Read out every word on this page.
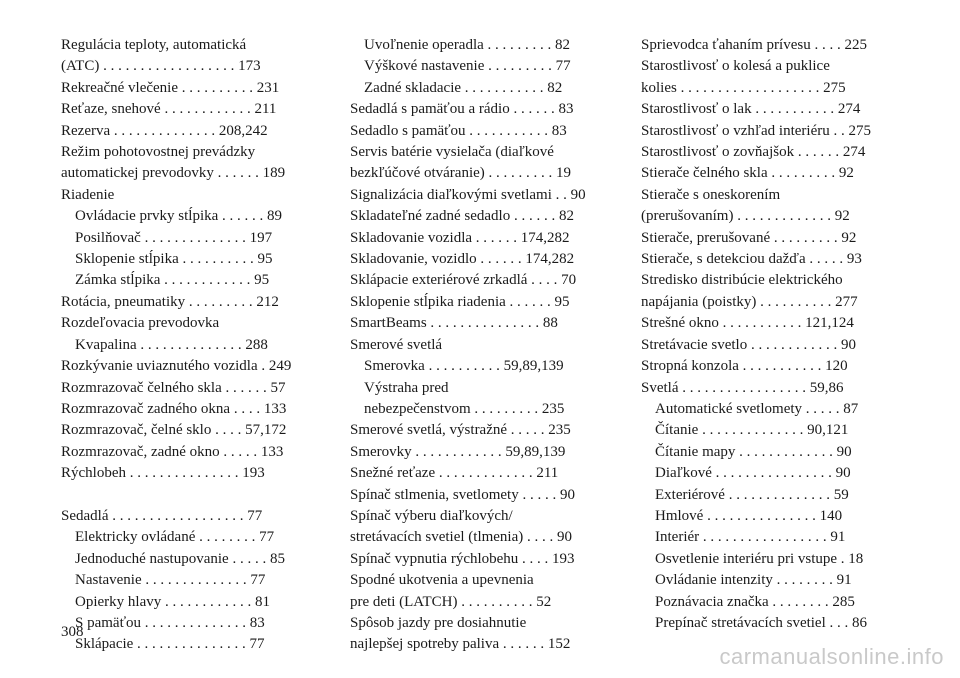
Regulácia teploty, automatická
(ATC) . . . . . . . . . . . . . . . . . . 173
Rekreačné vlečenie . . . . . . . . . . 231
Reťaze, snehové . . . . . . . . . . . . 211
Rezerva . . . . . . . . . . . . . . 208,242
Režim pohotovostnej prevádzky
automatickej prevodovky . . . . . . 189
Riadenie
Ovládacie prvky stĺpika . . . . . . 89
Posilňovač . . . . . . . . . . . . . . 197
Sklopenie stĺpika . . . . . . . . . . 95
Zámka stĺpika . . . . . . . . . . . . 95
Rotácia, pneumatiky . . . . . . . . . 212
Rozdeľovacia prevodovka
Kvapalina . . . . . . . . . . . . . . 288
Rozkývanie uviaznutého vozidla . 249
Rozmrazovač čelného skla . . . . . . 57
Rozmrazovač zadného okna . . . . 133
Rozmrazovač, čelné sklo . . . . 57,172
Rozmrazovač, zadné okno . . . . . 133
Rýchlobeh . . . . . . . . . . . . . . . 193
Sedadlá . . . . . . . . . . . . . . . . . . 77
Elektricky ovládané . . . . . . . . 77
Jednoduché nastupovanie . . . . . 85
Nastavenie . . . . . . . . . . . . . . 77
Opierky hlavy . . . . . . . . . . . . 81
S pamäťou . . . . . . . . . . . . . . 83
Sklápacie . . . . . . . . . . . . . . . 77
Uvoľnenie operadla . . . . . . . . . 82
Výškové nastavenie . . . . . . . . . 77
Zadné skladacie . . . . . . . . . . . 82
Sedadlá s pamäťou a rádio . . . . . . 83
Sedadlo s pamäťou . . . . . . . . . . . 83
Servis batérie vysielača (diaľkové
bezkľúčové otváranie) . . . . . . . . . 19
Signalizácia diaľkovými svetlami . . 90
Skladateľné zadné sedadlo . . . . . . 82
Skladovanie vozidla . . . . . . 174,282
Skladovanie, vozidlo . . . . . . 174,282
Sklápacie exteriérové zrkadlá . . . . 70
Sklopenie stĺpika riadenia . . . . . . 95
SmartBeams . . . . . . . . . . . . . . . 88
Smerové svetlá
Smerovka . . . . . . . . . . 59,89,139
Výstraha pred
nebezpečenstvom . . . . . . . . . 235
Smerové svetlá, výstražné . . . . . 235
Smerovky . . . . . . . . . . . . 59,89,139
Snežné reťaze . . . . . . . . . . . . . 211
Spínač stlmenia, svetlomety . . . . . 90
Spínač výberu diaľkových/
stretávacích svetiel (tlmenia) . . . . 90
Spínač vypnutia rýchlobehu . . . . 193
Spodné ukotvenia a upevnenia
pre deti (LATCH) . . . . . . . . . . 52
Spôsob jazdy pre dosiahnutie
najlepšej spotreby paliva . . . . . . 152
Sprievodca ťahaním prívesu . . . . 225
Starostlivosť o kolesá a puklice
kolies . . . . . . . . . . . . . . . . . . . 275
Starostlivosť o lak . . . . . . . . . . . 274
Starostlivosť o vzhľad interiéru . . 275
Starostlivosť o zovňajšok . . . . . . 274
Stierače čelného skla . . . . . . . . . 92
Stierače s oneskorením
(prerušovaním) . . . . . . . . . . . . . 92
Stierače, prerušované . . . . . . . . . 92
Stierače, s detekciou dažďa . . . . . 93
Stredisko distribúcie elektrického
napájania (poistky) . . . . . . . . . . 277
Strešné okno . . . . . . . . . . . 121,124
Stretávacie svetlo . . . . . . . . . . . . 90
Stropná konzola . . . . . . . . . . . 120
Svetlá . . . . . . . . . . . . . . . . . 59,86
Automatické svetlomety . . . . . 87
Čítanie . . . . . . . . . . . . . . 90,121
Čítanie mapy . . . . . . . . . . . . . 90
Diaľkové . . . . . . . . . . . . . . . . 90
Exteriérové . . . . . . . . . . . . . . 59
Hmlové . . . . . . . . . . . . . . . 140
Interiér . . . . . . . . . . . . . . . . . 91
Osvetlenie interiéru pri vstupe . 18
Ovládanie intenzity . . . . . . . . 91
Poznávacia značka . . . . . . . . 285
Prepínač stretávacích svetiel . . . 86
308
carmanualsonline.info
